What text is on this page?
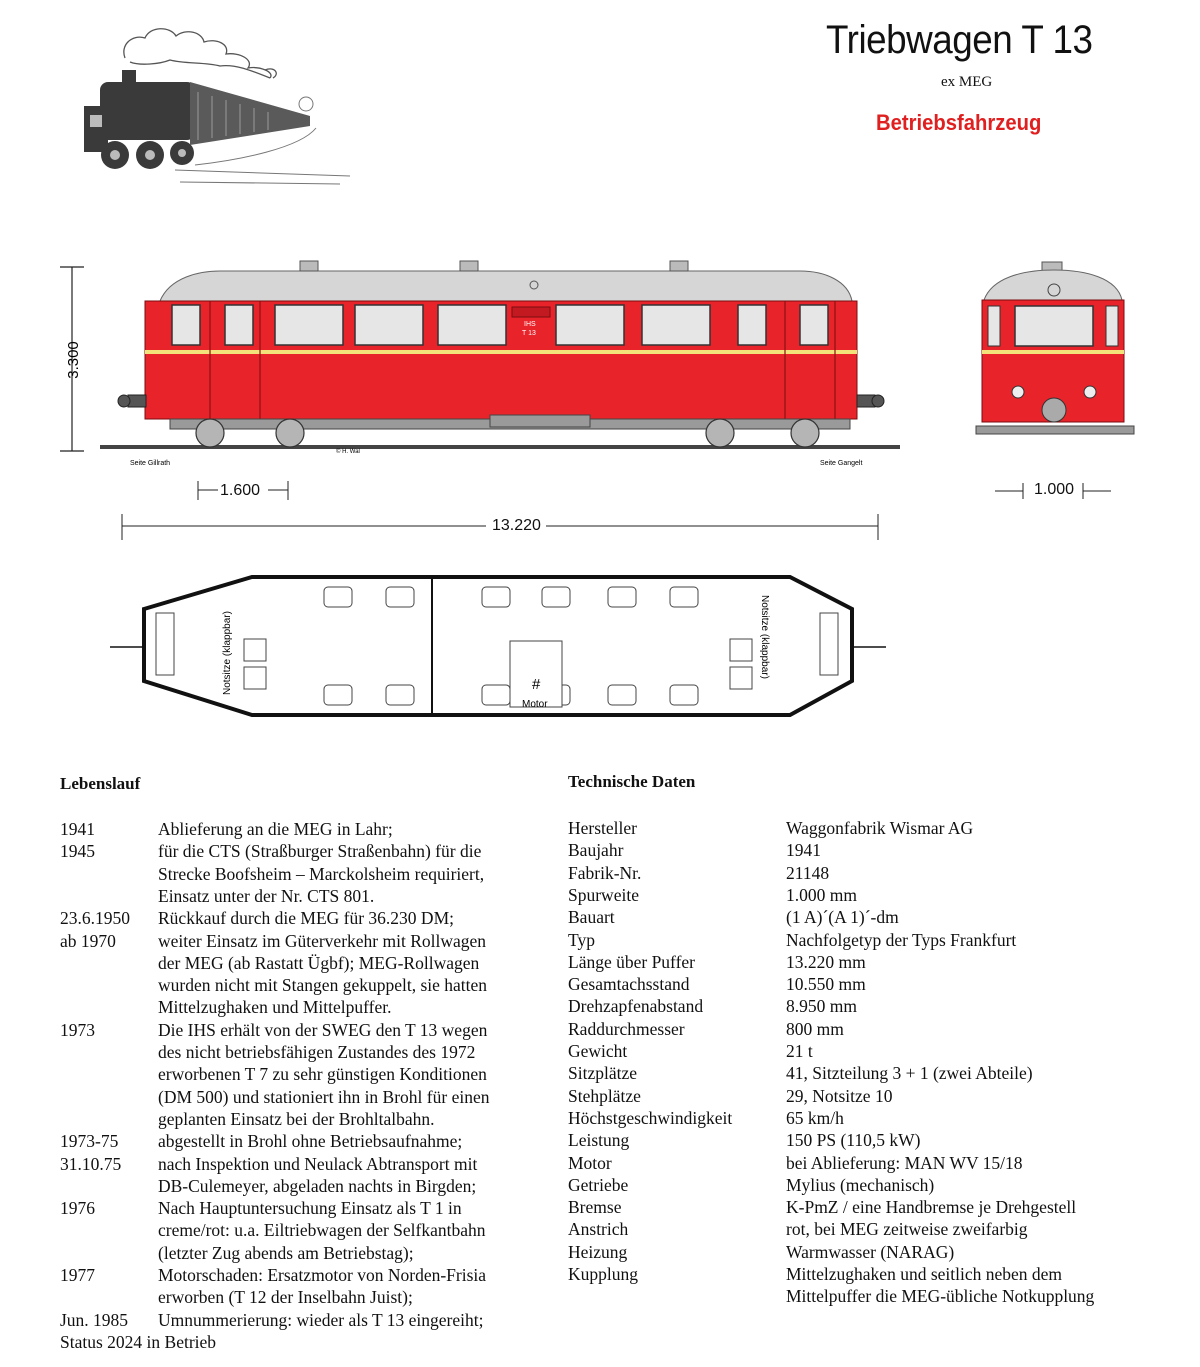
Triebwagen T 13
ex MEG
Betriebsfahrzeug
3.300
IHS
T 13
Seite Gillrath
© H. Wal
Seite Gangelt
1.600
13.220
1.000
Notsitze (klappbar)	Notsitze (klappbar)
#
Motor
Lebenslauf
1941	Ablieferung an die MEG in Lahr;
1945	für die CTS (Straßburger Straßenbahn) für die
Strecke Boofsheim – Marckolsheim requiriert,
Einsatz unter der Nr. CTS 801.
23.6.1950 Rückkauf durch die MEG für 36.230 DM;
ab 1970 weiter Einsatz im Güterverkehr mit Rollwagen
der MEG (ab Rastatt Ügbf); MEG-Rollwagen
wurden nicht mit Stangen gekuppelt, sie hatten
Mittelzughaken und Mittelpuffer.
1973	Die IHS erhält von der SWEG den T 13 wegen
des nicht betriebsfähigen Zustandes des 1972
erworbenen T 7 zu sehr günstigen Konditionen
(DM 500) und stationiert ihn in Brohl für einen
geplanten Einsatz bei der Brohltalbahn.
1973-75 abgestellt in Brohl ohne Betriebsaufnahme;
31.10.75 nach Inspektion und Neulack Abtransport mit
DB-Culemeyer, abgeladen nachts in Birgden;
1976	Nach Hauptuntersuchung Einsatz als T 1 in
creme/rot: u.a. Eiltriebwagen der Selfkantbahn
(letzter Zug abends am Betriebstag);
1977	Motorschaden: Ersatzmotor von Norden-Frisia
erworben (T 12 der Inselbahn Juist);
Jun. 1985 Umnummerierung: wieder als T 13 eingereiht;
Status 2024 in Betrieb
Technische Daten
Hersteller	Waggonfabrik Wismar AG
Baujahr	1941
Fabrik-Nr.	21148
Spurweite	1.000 mm
Bauart	(1 A)´(A 1)´-dm
Typ	Nachfolgetyp der Typs Frankfurt
Länge über Puffer	13.220 mm
Gesamtachsstand	10.550 mm
Drehzapfenabstand	8.950 mm
Raddurchmesser	800 mm
Gewicht	21 t
Sitzplätze	41, Sitzteilung 3 + 1 (zwei Abteile)
Stehplätze	29, Notsitze 10
Höchstgeschwindigkeit	65 km/h
Leistung	150 PS (110,5 kW)
Motor	bei Ablieferung: MAN WV 15/18
Getriebe	Mylius (mechanisch)
Bremse	K-PmZ / eine Handbremse je Drehgestell
Anstrich	rot, bei MEG zeitweise zweifarbig
Heizung	Warmwasser (NARAG)
Kupplung	Mittelzughaken und seitlich neben dem
Mittelpuffer die MEG-übliche Notkupplung
